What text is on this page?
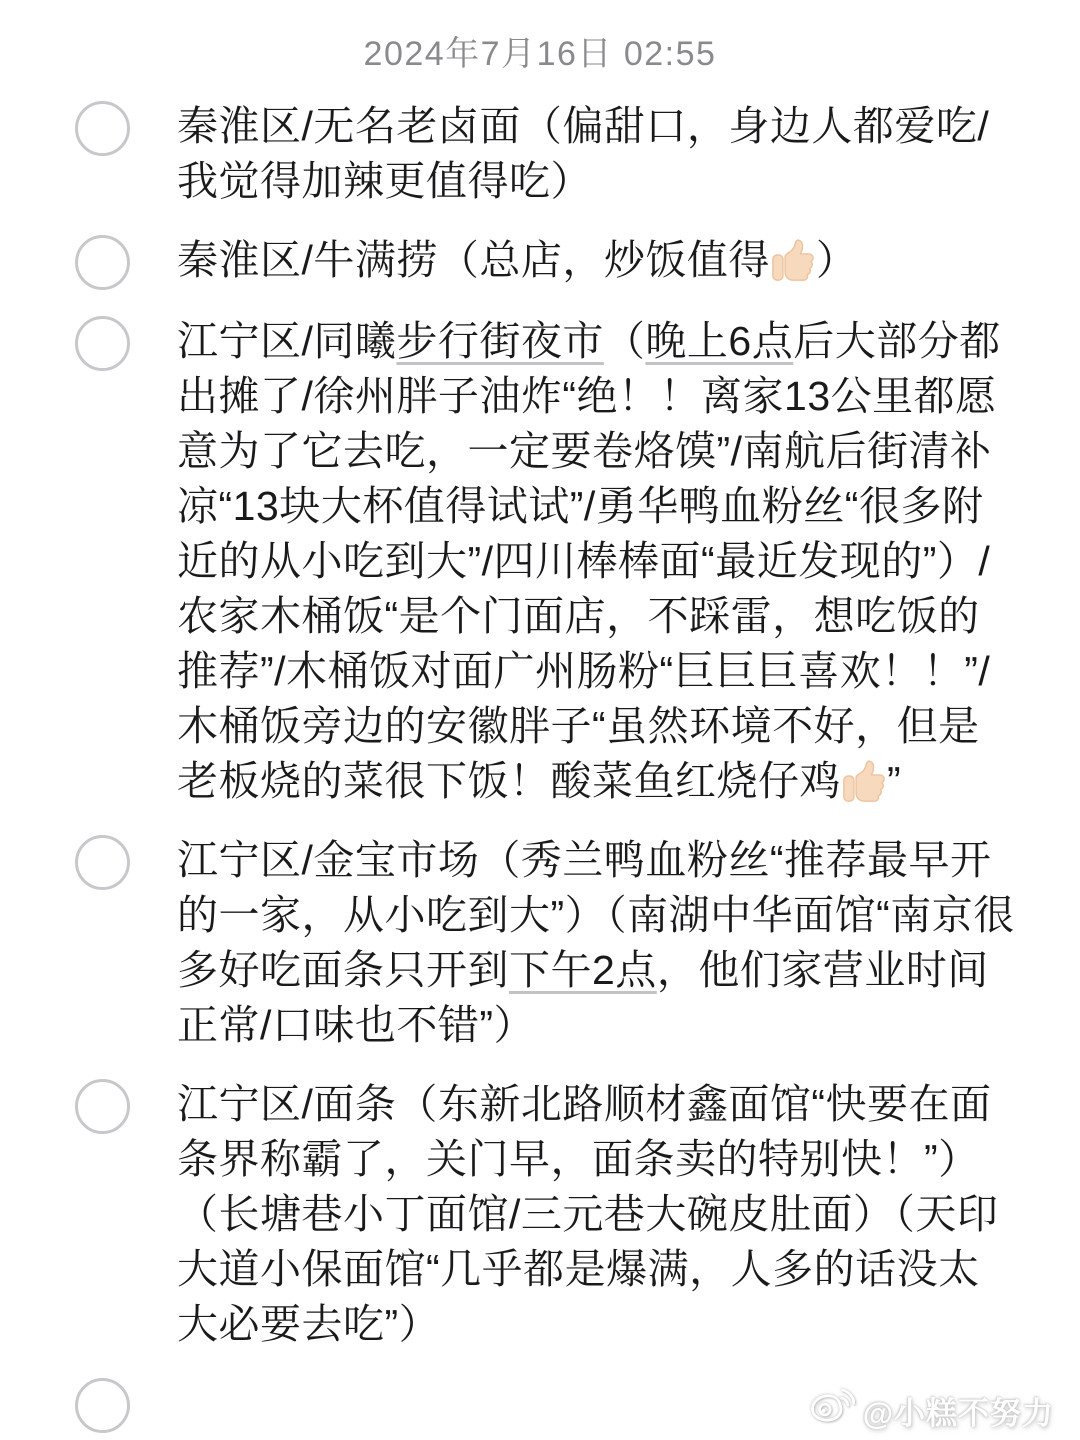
2024年7月16日 02:55
秦淮区/无名老卤面（偏甜口，身边人都爱吃/我觉得加辣更值得吃）
秦淮区/牛满捞（总店，炒饭值得 ）
江宁区/同曦步行街夜市（晚上6点后大部分都出摊了/徐州胖子油炸“绝！！离家13公里都愿意为了它去吃，一定要卷烙馍”/南航后街清补凉“13块大杯值得试试”/勇华鸭血粉丝“很多附近的从小吃到大”/四川棒棒面“最近发现的”）/农家木桶饭“是个门面店，不踩雷，想吃饭的推荐”/木桶饭对面广州肠粉“巨巨巨喜欢！！”/木桶饭旁边的安徽胖子“虽然环境不好，但是老板烧的菜很下饭！酸菜鱼红烧仔鸡 ”
江宁区/金宝市场（秀兰鸭血粉丝“推荐最早开的一家，从小吃到大”）（南湖中华面馆“南京很多好吃面条只开到下午2点，他们家营业时间正常/口味也不错”）
江宁区/面条（东新北路顺材鑫面馆“快要在面条界称霸了，关门早，面条卖的特别快！”）（长塘巷小丁面馆/三元巷大碗皮肚面）（天印大道小保面馆“几乎都是爆满，人多的话没太大必要去吃”）
@小糕不努力
